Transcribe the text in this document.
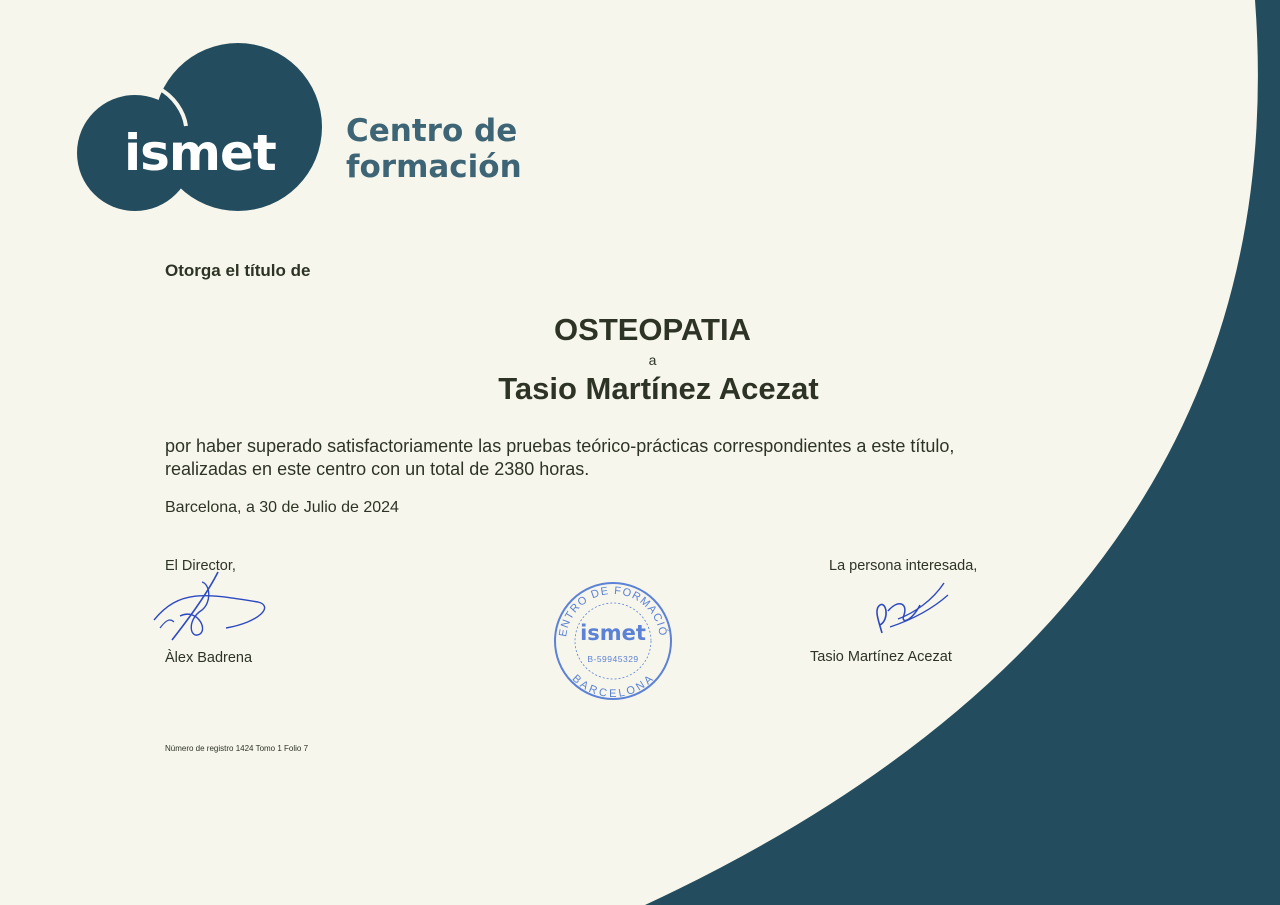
ismet Centro de
formación
Otorga el título de
OSTEOPATIA
a
Tasio Martínez Acezat
por haber superado satisfactoriamente las pruebas teórico-prácticas correspondientes a este título,
realizadas en este centro con un total de 2380 horas.
Barcelona, a 30 de Julio de 2024
El Director,
Àlex Badrena
La persona interesada,
Tasio Martínez Acezat
ENTRO DE FORMACIÓ
BARCELONA
ismet
B-59945329
Número de registro 1424 Tomo 1 Folio 7
